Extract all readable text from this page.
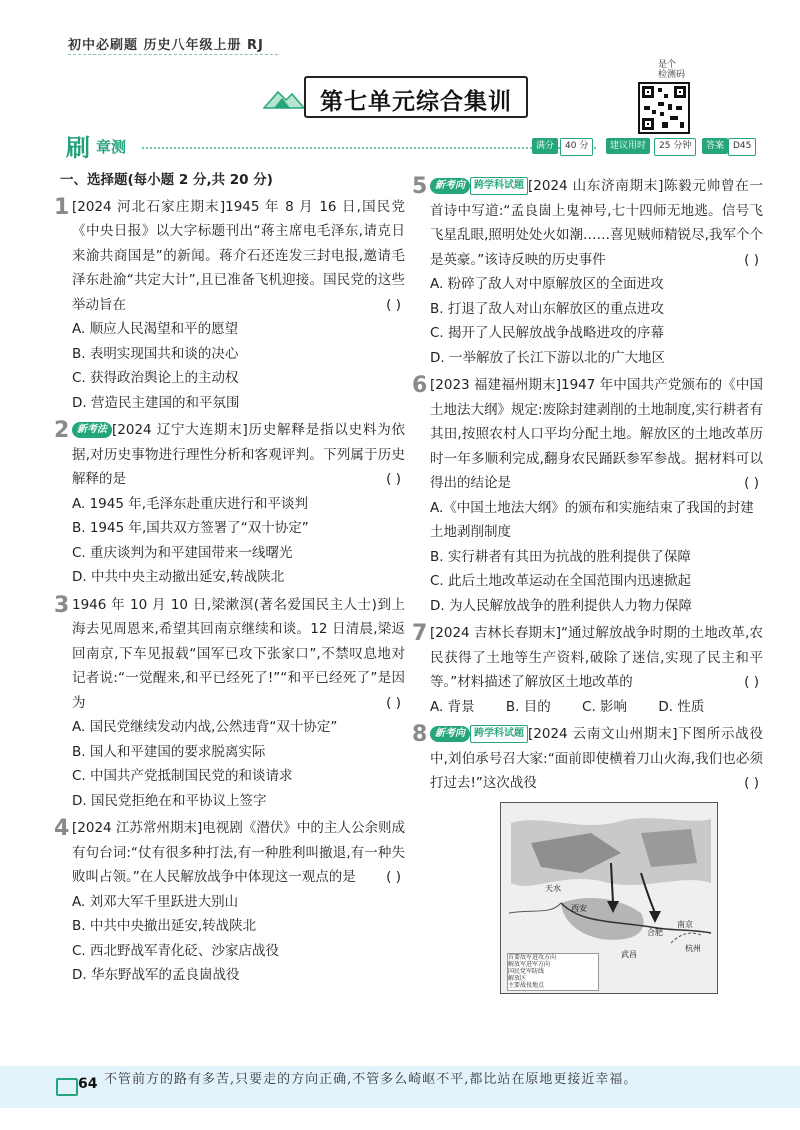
初中必刷题 历史八年级上册 RJ
第七单元综合集训
是个
检测码
刷 章测	满分	40 分	建议用时	25 分钟	答案 D45
一、选择题(每小题 2 分,共 20 分)
1 [2024 河北石家庄期末]1945 年 8 月 16 日,国民党《中央日报》以大字标题刊出“蒋主席电毛泽东,请克日来渝共商国是”的新闻。蒋介石还连发三封电报,邀请毛泽东赴渝“共定大计”,且已准备飞机迎接。国民党的这些举动旨在	( )
A. 顺应人民渴望和平的愿望
B. 表明实现国共和谈的决心
C. 获得政治舆论上的主动权
D. 营造民主建国的和平氛围
2 新考法 [2024 辽宁大连期末]历史解释是指以史料为依据,对历史事物进行理性分析和客观评判。下列属于历史解释的是	( )
A. 1945 年,毛泽东赴重庆进行和平谈判
B. 1945 年,国共双方签署了“双十协定”
C. 重庆谈判为和平建国带来一线曙光
D. 中共中央主动撤出延安,转战陕北
3 1946 年 10 月 10 日,梁漱溟(著名爱国民主人士)到上海去见周恩来,希望其回南京继续和谈。12 日清晨,梁返回南京,下车见报载“国军已攻下张家口”,不禁叹息地对记者说:“一觉醒来,和平已经死了!”“和平已经死了”是因为	( )
A. 国民党继续发动内战,公然违背“双十协定”
B. 国人和平建国的要求脱离实际
C. 中国共产党抵制国民党的和谈请求
D. 国民党拒绝在和平协议上签字
4 [2024 江苏常州期末]电视剧《潜伏》中的主人公余则成有句台词:“仗有很多种打法,有一种胜利叫撤退,有一种失败叫占领。”在人民解放战争中体现这一观点的是 ( )
A. 刘邓大军千里跃进大别山
B. 中共中央撤出延安,转战陕北
C. 西北野战军青化砭、沙家店战役
D. 华东野战军的孟良崮战役
5 新考向 跨学科试题 [2024 山东济南期末]陈毅元帅曾在一首诗中写道:“孟良崮上鬼神号,七十四师无地逃。信号飞飞星乱眼,照明处处火如潮……喜见贼师精锐尽,我军个个是英豪。”该诗反映的历史事件	( )
A. 粉碎了敌人对中原解放区的全面进攻
B. 打退了敌人对山东解放区的重点进攻
C. 揭开了人民解放战争战略进攻的序幕
D. 一举解放了长江下游以北的广大地区
6 [2023 福建福州期末]1947 年中国共产党颁布的《中国土地法大纲》规定:废除封建剥削的土地制度,实行耕者有其田,按照农村人口平均分配土地。解放区的土地改革历时一年多顺利完成,翻身农民踊跃参军参战。据材料可以得出的结论是	( )
A.《中国土地法大纲》的颁布和实施结束了我国的封建土地剥削制度
B. 实行耕者有其田为抗战的胜利提供了保障
C. 此后土地改革运动在全国范围内迅速掀起
D. 为人民解放战争的胜利提供人力物力保障
7 [2024 吉林长春期末]“通过解放战争时期的土地改革,农民获得了土地等生产资料,破除了迷信,实现了民主和平等。”材料描述了解放区土地改革的	( )
A. 背景   B. 目的   C. 影响   D. 性质
8 新考向 跨学科试题 [2024 云南文山州期末]下图所示战役中,刘伯承号召大家:“面前即使横着刀山火海,我们也必须打过去!”这次战役	( )
天水
西安
武昌
合肥
南京
杭州
首要敌军进攻方向
解放军进军方向
国民党军防线
解放区
主要战役地点
64 不管前方的路有多苦,只要走的方向正确,不管多么崎岖不平,都比站在原地更接近幸福。
